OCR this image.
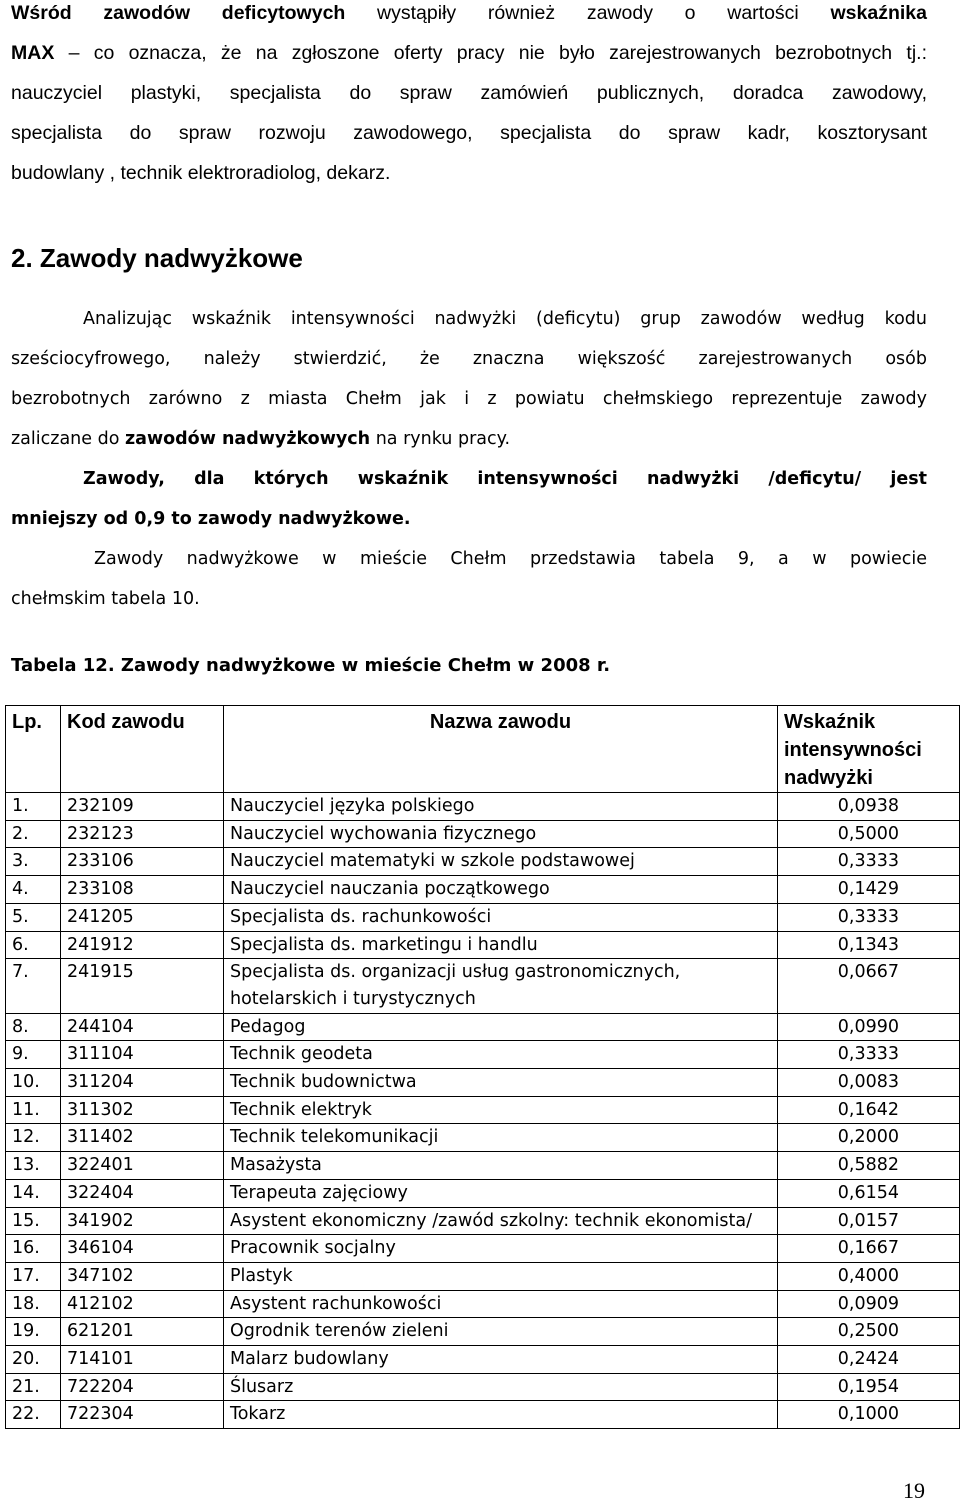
Wśród zawodów deficytowych wystąpiły również zawody o wartości wskaźnika
MAX – co oznacza, że na zgłoszone oferty pracy nie było zarejestrowanych bezrobotnych tj.:
nauczyciel plastyki, specjalista do spraw zamówień publicznych, doradca zawodowy,
specjalista do spraw rozwoju zawodowego, specjalista do spraw kadr, kosztorysant
budowlany , technik elektroradiolog, dekarz.
2. Zawody nadwyżkowe
Analizując wskaźnik intensywności nadwyżki (deficytu) grup zawodów według kodu
sześciocyfrowego, należy stwierdzić, że znaczna większość zarejestrowanych osób
bezrobotnych zarówno z miasta Chełm jak i z powiatu chełmskiego reprezentuje zawody
zaliczane do zawodów nadwyżkowych na rynku pracy.
Zawody, dla których wskaźnik intensywności nadwyżki /deficytu/ jest
mniejszy od 0,9 to zawody nadwyżkowe.
Zawody nadwyżkowe w mieście Chełm przedstawia tabela 9, a w powiecie
chełmskim tabela 10.
Tabela 12. Zawody nadwyżkowe w mieście Chełm w 2008 r.
Lp.	Kod zawodu	Nazwa zawodu	Wskaźnik intensywności nadwyżki
1.	232109	Nauczyciel języka polskiego	0,0938
2.	232123	Nauczyciel wychowania fizycznego	0,5000
3.	233106	Nauczyciel matematyki w szkole podstawowej	0,3333
4.	233108	Nauczyciel nauczania początkowego	0,1429
5.	241205	Specjalista ds. rachunkowości	0,3333
6.	241912	Specjalista ds. marketingu i handlu	0,1343
7.	241915	Specjalista ds. organizacji usług gastronomicznych, hotelarskich i turystycznych	0,0667
8.	244104	Pedagog	0,0990
9.	311104	Technik geodeta	0,3333
10.	311204	Technik budownictwa	0,0083
11.	311302	Technik elektryk	0,1642
12.	311402	Technik telekomunikacji	0,2000
13.	322401	Masażysta	0,5882
14.	322404	Terapeuta zajęciowy	0,6154
15.	341902	Asystent ekonomiczny /zawód szkolny: technik ekonomista/	0,0157
16.	346104	Pracownik socjalny	0,1667
17.	347102	Plastyk	0,4000
18.	412102	Asystent rachunkowości	0,0909
19.	621201	Ogrodnik terenów zieleni	0,2500
20.	714101	Malarz budowlany	0,2424
21.	722204	Ślusarz	0,1954
22.	722304	Tokarz	0,1000
19
